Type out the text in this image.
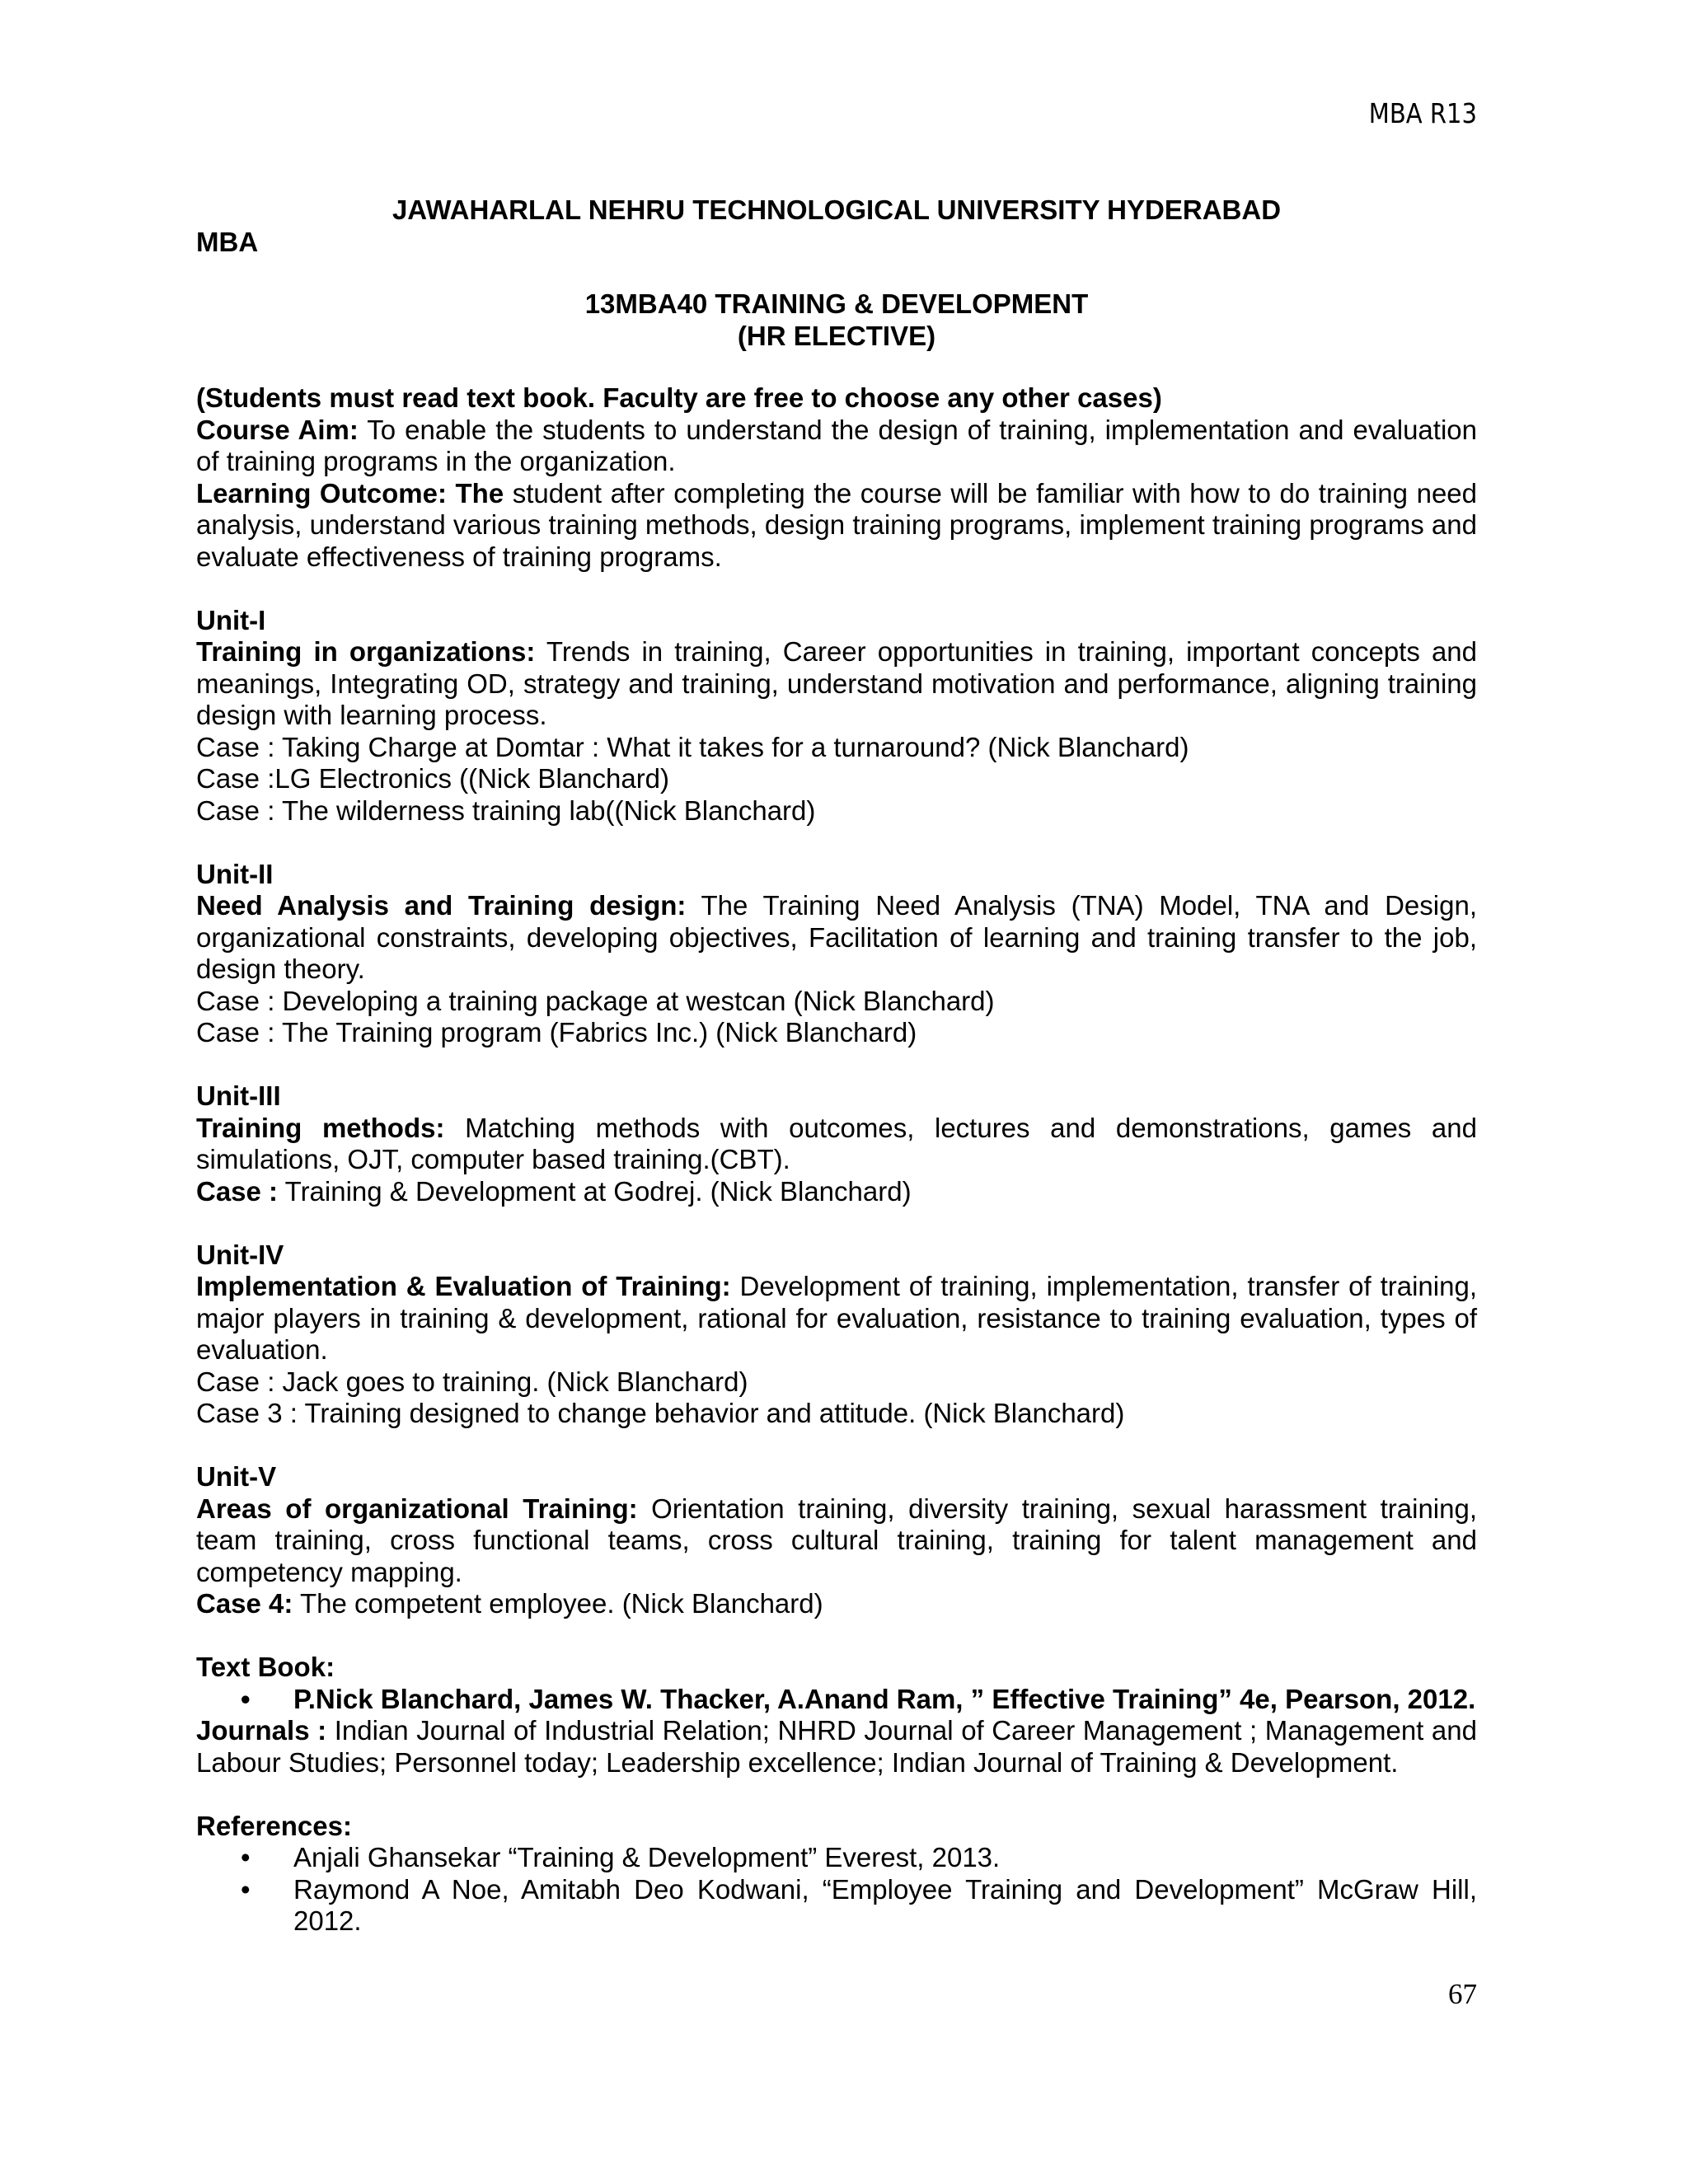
MBA R13
JAWAHARLAL NEHRU TECHNOLOGICAL UNIVERSITY HYDERABAD
MBA
13MBA40 TRAINING & DEVELOPMENT
(HR ELECTIVE)

(Students must read text book. Faculty are free to choose any other cases)

Course Aim: To enable the students to understand the design of training, implementation and evaluation of training programs in the organization.

Learning Outcome: The student after completing the course will be familiar with how to do training need analysis, understand various training methods, design training programs, implement training programs and evaluate effectiveness of training programs.

Unit-I

Training in organizations: Trends in training, Career opportunities in training, important concepts and meanings, Integrating OD, strategy and training, understand motivation and performance, aligning training design with learning process.

Case : Taking Charge at Domtar : What it takes for a turnaround? (Nick Blanchard)

Case :LG Electronics ((Nick Blanchard)

Case : The wilderness training lab((Nick Blanchard)

Unit-II

Need Analysis and Training design: The Training Need Analysis (TNA) Model, TNA and Design, organizational constraints, developing objectives, Facilitation of learning and training transfer to the job, design theory.

Case : Developing a training package at westcan (Nick Blanchard)

Case : The Training program (Fabrics Inc.) (Nick Blanchard)

Unit-III

Training methods: Matching methods with outcomes, lectures and demonstrations, games and simulations, OJT, computer based training.(CBT).

Case : Training & Development at Godrej. (Nick Blanchard)

Unit-IV

Implementation & Evaluation of Training: Development of training, implementation, transfer of training, major players in training & development, rational for evaluation, resistance to training evaluation, types of evaluation.

Case : Jack goes to training. (Nick Blanchard)

Case 3 : Training designed to change behavior and attitude. (Nick Blanchard)

Unit-V

Areas of organizational Training: Orientation training, diversity training, sexual harassment training, team training, cross functional teams, cross cultural training, training for talent management and competency mapping.

Case 4: The competent employee. (Nick Blanchard)

Text Book:

• P.Nick Blanchard, James W. Thacker, A.Anand Ram, ” Effective Training” 4e, Pearson, 2012.

Journals : Indian Journal of Industrial Relation; NHRD Journal of Career Management ; Management and Labour Studies; Personnel today; Leadership excellence; Indian Journal of Training & Development.

References:

• Anjali Ghansekar “Training & Development” Everest, 2013.
• Raymond A Noe, Amitabh Deo Kodwani, “Employee Training and Development” McGraw Hill, 2012.
67
